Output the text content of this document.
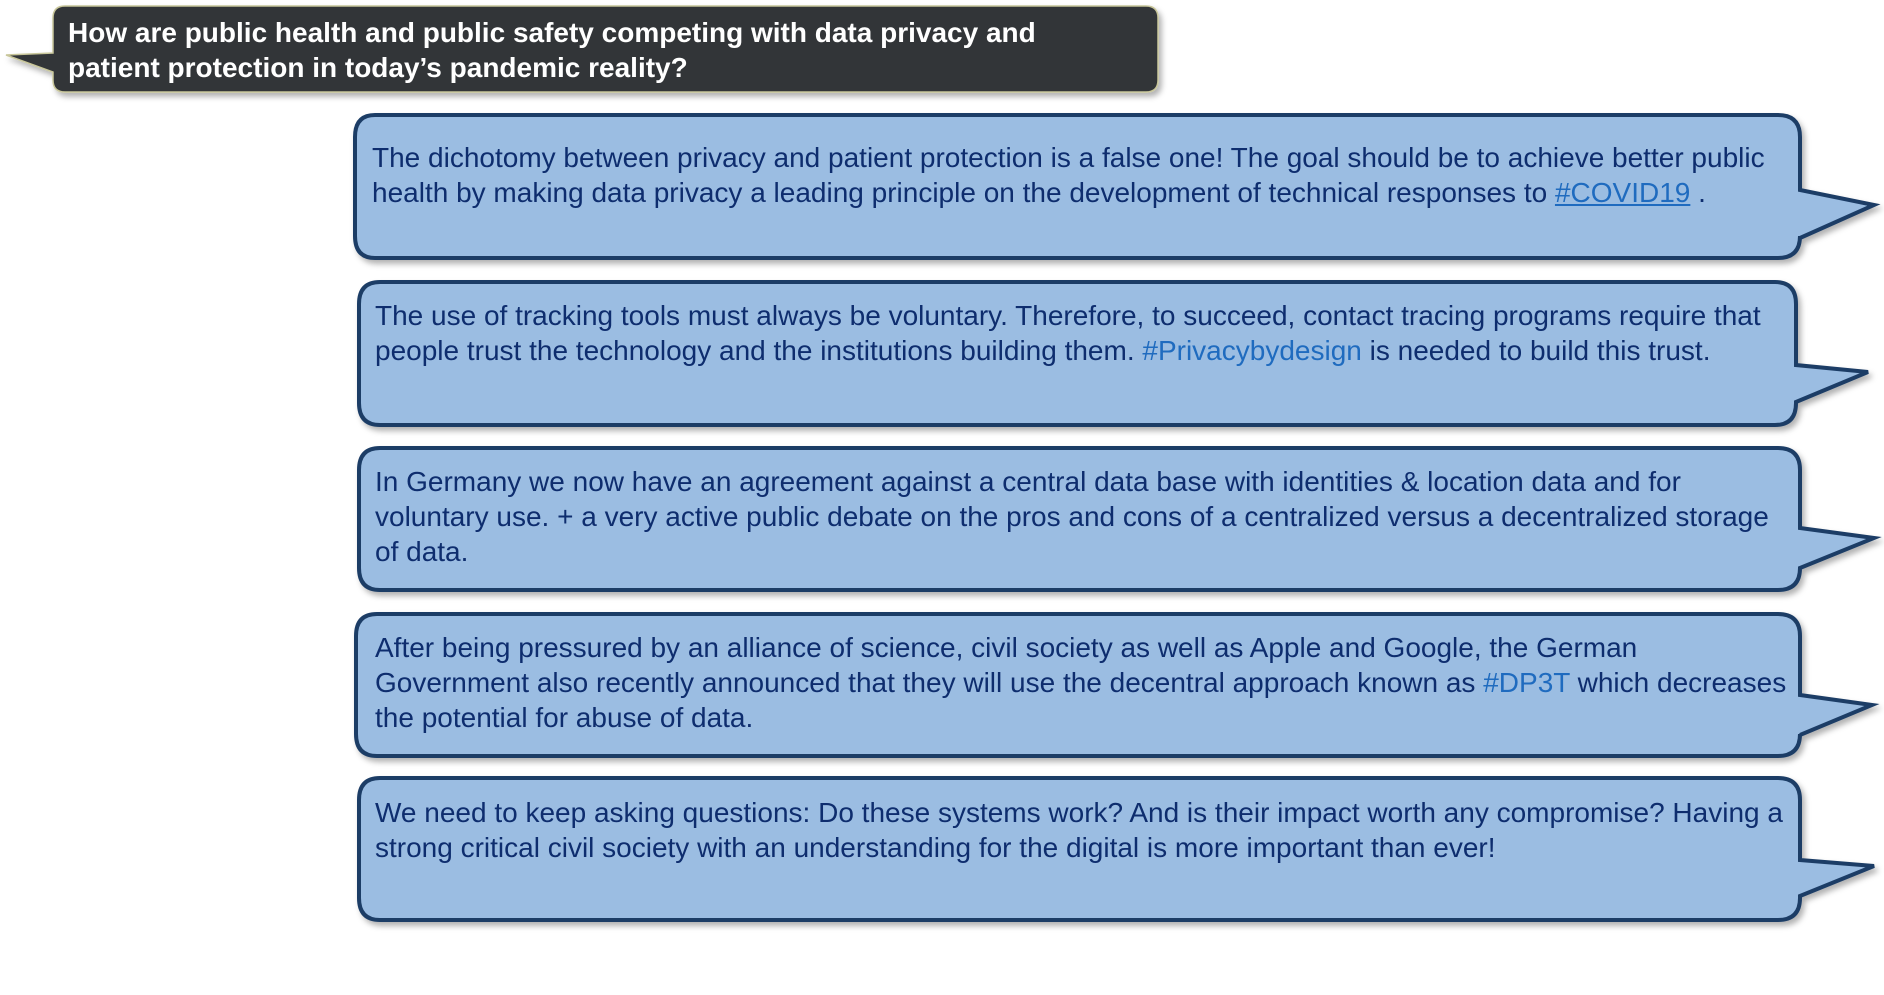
How are public health and public safety competing with data privacy and patient protection in today’s pandemic reality?
The dichotomy between privacy and patient protection is a false one! The goal should be to achieve better public health by making data privacy a leading principle on the development of technical responses to #COVID19 .
The use of tracking tools must always be voluntary. Therefore, to succeed, contact tracing programs require that people trust the technology and the institutions building them. #Privacybydesign is needed to build this trust.
In Germany we now have an agreement against a central data base with identities & location data and for voluntary use. + a very active public debate on the pros and cons of a centralized versus a decentralized storage of data.
After being pressured by an alliance of science, civil society as well as Apple and Google, the German Government also recently announced that they will use the decentral approach known as #DP3T which decreases the potential for abuse of data.
We need to keep asking questions: Do these systems work? And is their impact worth any compromise? Having a strong critical civil society with an understanding for the digital is more important than ever!
